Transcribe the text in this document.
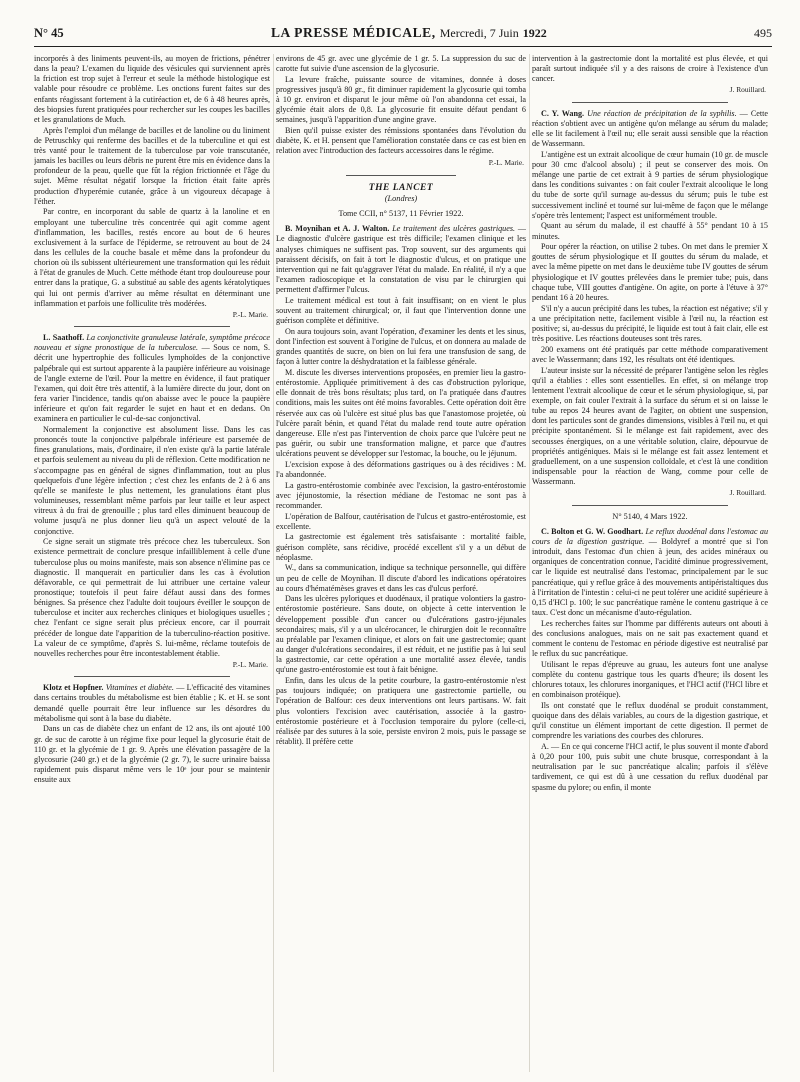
N° 45	LA PRESSE MÉDICALE, Mercredi, 7 Juin 1922	495

incorporés à des liniments peuvent-ils, au moyen de frictions, pénétrer dans la peau? L'examen du liquide des vésicules qui surviennent après la friction est trop sujet à l'erreur et seule la méthode histologique est valable pour résoudre ce problème. Les onctions furent faites sur des enfants réagissant fortement à la cutiréaction et, de 6 à 48 heures après, des biopsies furent pratiquées pour rechercher sur les coupes les bacilles et les granulations de Much.

Après l'emploi d'un mélange de bacilles et de lanoline ou du liniment de Petruschky qui renferme des bacilles et de la tuberculine et qui est très vanté pour le traitement de la tuberculose par voie transcutanée, jamais les bacilles ou leurs débris ne purent être mis en évidence dans la profondeur de la peau, quelle que fût la région frictionnée et l'âge du sujet. Même résultat négatif lorsque la friction était faite après production d'hyperémie cutanée, grâce à un vigoureux décapage à l'éther.

Par contre, en incorporant du sable de quartz à la lanoline et en employant une tuberculine très concentrée qui agit comme agent d'inflammation, les bacilles, restés encore au bout de 6 heures exclusivement à la surface de l'épiderme, se retrouvent au bout de 24 dans les cellules de la couche basale et même dans la profondeur du chorion où ils subissent ultérieurement une transformation qui les réduit à l'état de granules de Much. Cette méthode étant trop douloureuse pour entrer dans la pratique, G. a substitué au sable des agents kératolytiques qui lui ont permis d'arriver au même résultat en déterminant une inflammation et parfois une folliculite très modérées.

P.-L. Marie.

L. Saathoff. La conjonctivite granuleuse latérale, symptôme précoce nouveau et signe pronostique de la tuberculose. — Sous ce nom, S. décrit une hypertrophie des follicules lymphoïdes de la conjonctive palpébrale qui est surtout apparente à la paupière inférieure au voisinage de l'angle externe de l'œil. Pour la mettre en évidence, il faut pratiquer l'examen, qui doit être très attentif, à la lumière directe du jour, dont on fera varier l'incidence, tandis qu'on abaisse avec le pouce la paupière inférieure et qu'on fait regarder le sujet en haut et en dedans. On examinera en particulier le cul-de-sac conjonctival.

Normalement la conjonctive est absolument lisse. Dans les cas prononcés toute la conjonctive palpébrale inférieure est parsemée de fines granulations, mais, d'ordinaire, il n'en existe qu'à la partie latérale et parfois seulement au niveau du pli de réflexion. Cette modification ne s'accompagne pas en général de signes d'inflammation, tout au plus quelquefois d'une légère infection ; c'est chez les enfants de 2 à 6 ans qu'elle se manifeste le plus nettement, les granulations étant plus volumineuses, ressemblant même parfois par leur taille et leur aspect vitreux à du frai de grenouille ; plus tard elles diminuent beaucoup de volume jusqu'à ne plus donner lieu qu'à un aspect velouté de la conjonctive.

Ce signe serait un stigmate très précoce chez les tuberculeux. Son existence permettrait de conclure presque infailliblement à celle d'une tuberculose plus ou moins manifeste, mais son absence n'élimine pas ce diagnostic. Il manquerait en particulier dans les cas à évolution défavorable, ce qui permettrait de lui attribuer une certaine valeur pronostique; toutefois il peut faire défaut aussi dans des formes bénignes. Sa présence chez l'adulte doit toujours éveiller le soupçon de tuberculose et inciter aux recherches cliniques et biologiques usuelles ; chez l'enfant ce signe serait plus précieux encore, car il pourrait précéder de longue date l'apparition de la tuberculino-réaction positive. La valeur de ce symptôme, d'après S. lui-même, réclame toutefois de nouvelles recherches pour être incontestablement établie.

P.-L. Marie.

Klotz et Hopfner. Vitamines et diabète. — L'efficacité des vitamines dans certains troubles du métabolisme est bien établie ; K. et H. se sont demandé quelle pourrait être leur influence sur les désordres du métabolisme qui sont à la base du diabète.

Dans un cas de diabète chez un enfant de 12 ans, ils ont ajouté 100 gr. de suc de carotte à un régime fixe pour lequel la glycosurie était de 110 gr. et la glycémie de 1 gr. 9. Après une élévation passagère de la glycosurie (240 gr.) et de la glycémie (2 gr. 7), le sucre urinaire baissa rapidement puis disparut même vers le 10ᵉ jour pour se maintenir ensuite aux

environs de 45 gr. avec une glycémie de 1 gr. 5. La suppression du suc de carotte fut suivie d'une ascension de la glycosurie.

La levure fraîche, puissante source de vitamines, donnée à doses progressives jusqu'à 80 gr., fit diminuer rapidement la glycosurie qui tomba à 10 gr. environ et disparut le jour même où l'on abandonna cet essai, la glycémie était alors de 0,8. La glycosurie fit ensuite défaut pendant 6 semaines, jusqu'à l'apparition d'une angine grave.

Bien qu'il puisse exister des rémissions spontanées dans l'évolution du diabète, K. et H. pensent que l'amélioration constatée dans ce cas est bien en relation avec l'introduction des facteurs accessoires dans le régime.

P.-L. Marie.
THE LANCET
(Londres)
Tome CCII, n° 5137, 11 Février 1922.

B. Moynihan et A. J. Walton. Le traitement des ulcères gastriques. — Le diagnostic d'ulcère gastrique est très difficile; l'examen clinique et les analyses chimiques ne suffisent pas. Trop souvent, sur des arguments qui paraissent décisifs, on fait à tort le diagnostic d'ulcus, et on pratique une intervention qui ne fait qu'aggraver l'état du malade. En réalité, il n'y a que l'examen radioscopique et la constatation de visu par le chirurgien qui permettent d'affirmer l'ulcus.

Le traitement médical est tout à fait insuffisant; on en vient le plus souvent au traitement chirurgical; or, il faut que l'intervention donne une guérison complète et définitive.

On aura toujours soin, avant l'opération, d'examiner les dents et les sinus, dont l'infection est souvent à l'origine de l'ulcus, et on donnera au malade de grandes quantités de sucre, on bien on lui fera une transfusion de sang, de façon à lutter contre la déshydratation et la faiblesse générale.

M. discute les diverses interventions proposées, en premier lieu la gastro-entérostomie. Appliquée primitivement à des cas d'obstruction pylorique, elle donnait de très bons résultats; plus tard, on l'a pratiquée dans d'autres conditions, mais les suites ont été moins favorables. Cette opération doit être réservée aux cas où l'ulcère est situé plus bas que l'anastomose projetée, où l'ulcère paraît bénin, et quand l'état du malade rend toute autre opération dangereuse. Elle n'est pas l'intervention de choix parce que l'ulcère peut ne pas guérir, ou subir une transformation maligne, et parce que d'autres ulcérations peuvent se développer sur l'estomac, la bouche, ou le jéjunum.

L'excision expose à des déformations gastriques ou à des récidives : M. l'a abandonnée.

La gastro-entérostomie combinée avec l'excision, la gastro-entérostomie avec jéjunostomie, la résection médiane de l'estomac ne sont pas à recommander.

L'opération de Balfour, cautérisation de l'ulcus et gastro-entérostomie, est excellente.

La gastrectomie est également très satisfaisante : mortalité faible, guérison complète, sans récidive, procédé excellent s'il y a un début de néoplasme.

W., dans sa communication, indique sa technique personnelle, qui diffère un peu de celle de Moynihan. Il discute d'abord les indications opératoires au cours d'hématémèses graves et dans les cas d'ulcus perforé.

Dans les ulcères pyloriques et duodénaux, il pratique volontiers la gastro-entérostomie postérieure. Sans doute, on objecte à cette intervention le développement possible d'un cancer ou d'ulcérations gastro-jéjunales secondaires; mais, s'il y a un ulcérocancer, le chirurgien doit le reconnaître au préalable par l'examen clinique, et alors on fait une gastrectomie; quant au danger d'ulcérations secondaires, il est réduit, et ne justifie pas à lui seul la gastrectomie, car cette opération a une mortalité assez élevée, tandis qu'une gastro-entérostomie est tout à fait bénigne.

Enfin, dans les ulcus de la petite courbure, la gastro-entérostomie n'est pas toujours indiquée; on pratiquera une gastrectomie partielle, ou l'opération de Balfour: ces deux interventions ont leurs partisans. W. fait plus volontiers l'excision avec cautérisation, associée à la gastro-entérostomie postérieure et à l'occlusion temporaire du pylore (celle-ci, réalisée par des sutures à la soie, persiste environ 2 mois, puis le passage se rétablit). Il préfère cette

intervention à la gastrectomie dont la mortalité est plus élevée, et qui paraît surtout indiquée s'il y a des raisons de croire à l'existence d'un cancer.

J. Rouillard.

C. Y. Wang. Une réaction de précipitation de la syphilis. — Cette réaction s'obtient avec un antigène qu'on mélange au sérum du malade; elle se lit facilement à l'œil nu; elle serait aussi sensible que la réaction de Wassermann.

L'antigène est un extrait alcoolique de cœur humain (10 gr. de muscle pour 30 cmc d'alcool absolu) ; il peut se conserver des mois. On mélange une partie de cet extrait à 9 parties de sérum physiologique dans les conditions suivantes : on fait couler l'extrait alcoolique le long du tube de sorte qu'il surnage au-dessus du sérum; puis le tube est successivement incliné et tourné sur lui-même de façon que le mélange s'opère très lentement; l'aspect est uniformément trouble.

Quant au sérum du malade, il est chauffé à 55° pendant 10 à 15 minutes.

Pour opérer la réaction, on utilise 2 tubes. On met dans le premier X gouttes de sérum physiologique et II gouttes du sérum du malade, et avec la même pipette on met dans le deuxième tube IV gouttes de sérum physiologique et IV gouttes prélevées dans le premier tube; puis, dans chaque tube, VIII gouttes d'antigène. On agite, on porte à l'étuve à 37° pendant 16 à 20 heures.

S'il n'y a aucun précipité dans les tubes, la réaction est négative; s'il y a une précipitation nette, facilement visible à l'œil nu, la réaction est positive; si, au-dessus du précipité, le liquide est tout à fait clair, elle est très positive. Les réactions douteuses sont très rares.

200 examens ont été pratiqués par cette méthode comparativement avec le Wassermann; dans 192, les résultats ont été identiques.

L'auteur insiste sur la nécessité de préparer l'antigène selon les règles qu'il a établies : elles sont essentielles. En effet, si on mélange trop lentement l'extrait alcoolique de cœur et le sérum physiologique, si, par exemple, on fait couler l'extrait à la surface du sérum et si on laisse le tube au repos 24 heures avant de l'agiter, on obtient une suspension, dont les particules sont de grandes dimensions, visibles à l'œil nu, et qui précipite spontanément. Si le mélange est fait rapidement, avec des secousses énergiques, on a une véritable solution, claire, dépourvue de propriétés antigéniques. Mais si le mélange est fait assez lentement et graduellement, on a une suspension colloïdale, et c'est là une condition indispensable pour la réaction de Wang, comme pour celle de Wassermann.

J. Rouillard.
N° 5140, 4 Mars 1922.

C. Bolton et G. W. Goodhart. Le reflux duodénal dans l'estomac au cours de la digestion gastrique. — Boldyref a montré que si l'on introduit, dans l'estomac d'un chien à jeun, des acides minéraux ou organiques de concentration connue, l'acidité diminue progressivement, car le liquide est neutralisé dans l'estomac, principalement par le suc pancréatique, qui y reflue grâce à des mouvements antipéristaltiques dus à l'irritation de l'intestin : celui-ci ne peut tolérer une acidité supérieure à 0,15 d'HCl p. 100; le suc pancréatique ramène le contenu gastrique à ce taux. C'est donc un mécanisme d'auto-régulation.

Les recherches faites sur l'homme par différents auteurs ont abouti à des conclusions analogues, mais on ne sait pas exactement quand et comment le contenu de l'estomac en période digestive est neutralisé par le reflux du suc pancréatique.

Utilisant le repas d'épreuve au gruau, les auteurs font une analyse complète du contenu gastrique tous les quarts d'heure; ils dosent les chlorures totaux, les chlorures inorganiques, et l'HCl actif (l'HCl libre et en combinaison protéique).

Ils ont constaté que le reflux duodénal se produit constamment, quoique dans des délais variables, au cours de la digestion gastrique, et qu'il constitue un élément important de cette digestion. Il permet de comprendre les variations des courbes des chlorures.

A. — En ce qui concerne l'HCl actif, le plus souvent il monte d'abord à 0,20 pour 100, puis subit une chute brusque, correspondant à la neutralisation par le suc pancréatique alcalin; parfois il s'élève tardivement, ce qui est dû à une cessation du reflux duodénal par spasme du pylore; ou enfin, il monte
